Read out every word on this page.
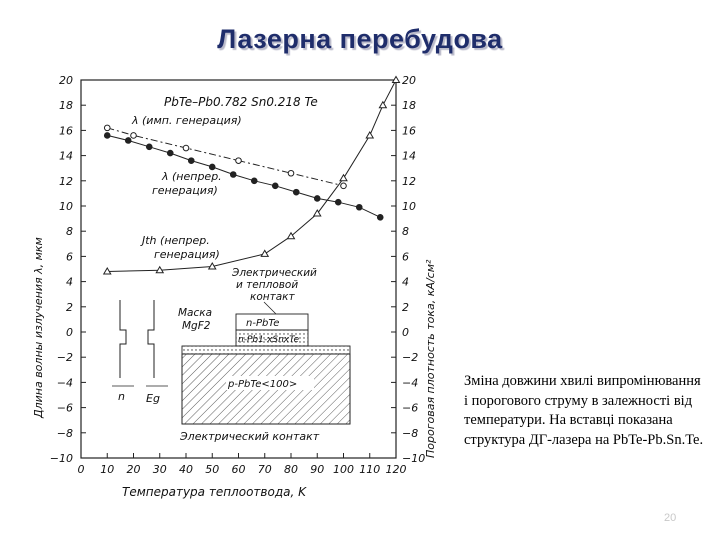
Лазерна перебудова
20
18
16
14
12
10
8
6
4
2
0
−2
−4
−6
−8
−10
20
18
16
14
12
10
8
6
4
2
0
−2
−4
−6
−8
−10
0 10 20 30 40 50 60 70 80 90 100 110 120
Длина волны излучения λ, мкм	Пороговая плотность тока, кА/см²
Температура теплоотвода, K
PbTe–Pb0.782 Sn0.218 Te
λ (имп. генерация)
λ (непрер.
генерация)
Jth (непрер.
генерация)
Электрический
и тепловой
контакт
Маска
MgF2	n-PbTe
n-Pb1-xSnxTe
p-PbTe<100>
Электрический контакт
n Eg

Зміна довжини хвилі випромінювання і порогового струму в залежності від температури. На вставці показана структура ДГ-лазера на PbTe-Pb.Sn.Te.

20
